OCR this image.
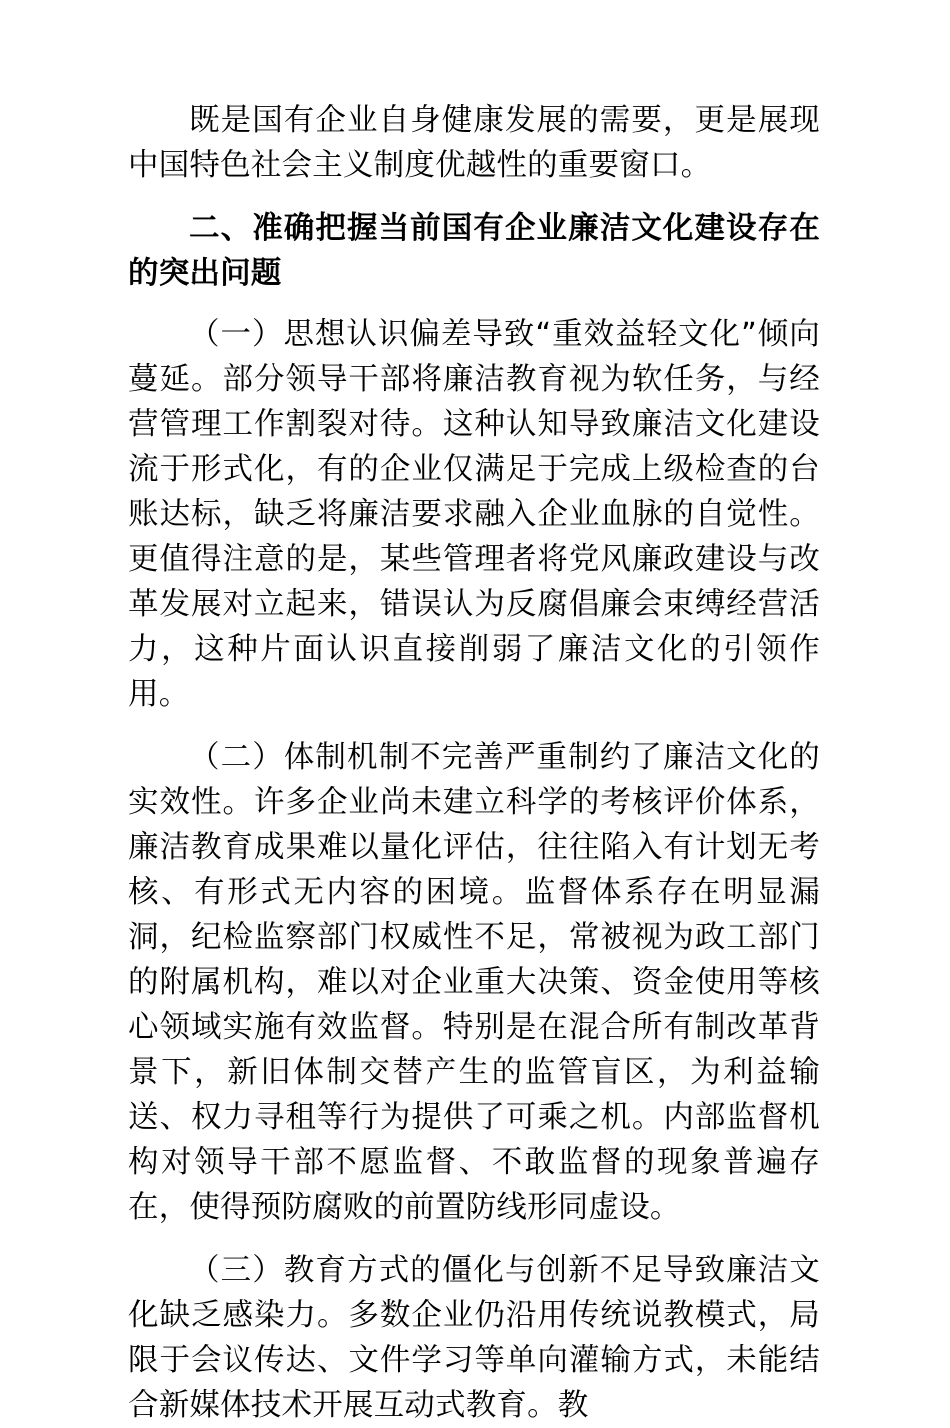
既是国有企业自身健康发展的需要，更是展现中国特色社会主义制度优越性的重要窗口。

二、准确把握当前国有企业廉洁文化建设存在的突出问题

（一）思想认识偏差导致“重效益轻文化”倾向蔓延。部分领导干部将廉洁教育视为软任务，与经营管理工作割裂对待。这种认知导致廉洁文化建设流于形式化，有的企业仅满足于完成上级检查的台账达标，缺乏将廉洁要求融入企业血脉的自觉性。更值得注意的是，某些管理者将党风廉政建设与改革发展对立起来，错误认为反腐倡廉会束缚经营活力，这种片面认识直接削弱了廉洁文化的引领作用。

（二）体制机制不完善严重制约了廉洁文化的实效性。许多企业尚未建立科学的考核评价体系，廉洁教育成果难以量化评估，往往陷入有计划无考核、有形式无内容的困境。监督体系存在明显漏洞，纪检监察部门权威性不足，常被视为政工部门的附属机构，难以对企业重大决策、资金使用等核心领域实施有效监督。特别是在混合所有制改革背景下，新旧体制交替产生的监管盲区，为利益输送、权力寻租等行为提供了可乘之机。内部监督机构对领导干部不愿监督、不敢监督的现象普遍存在，使得预防腐败的前置防线形同虚设。

（三）教育方式的僵化与创新不足导致廉洁文化缺乏感染力。多数企业仍沿用传统说教模式，局限于会议传达、文件学习等单向灌输方式，未能结合新媒体技术开展互动式教育。教
